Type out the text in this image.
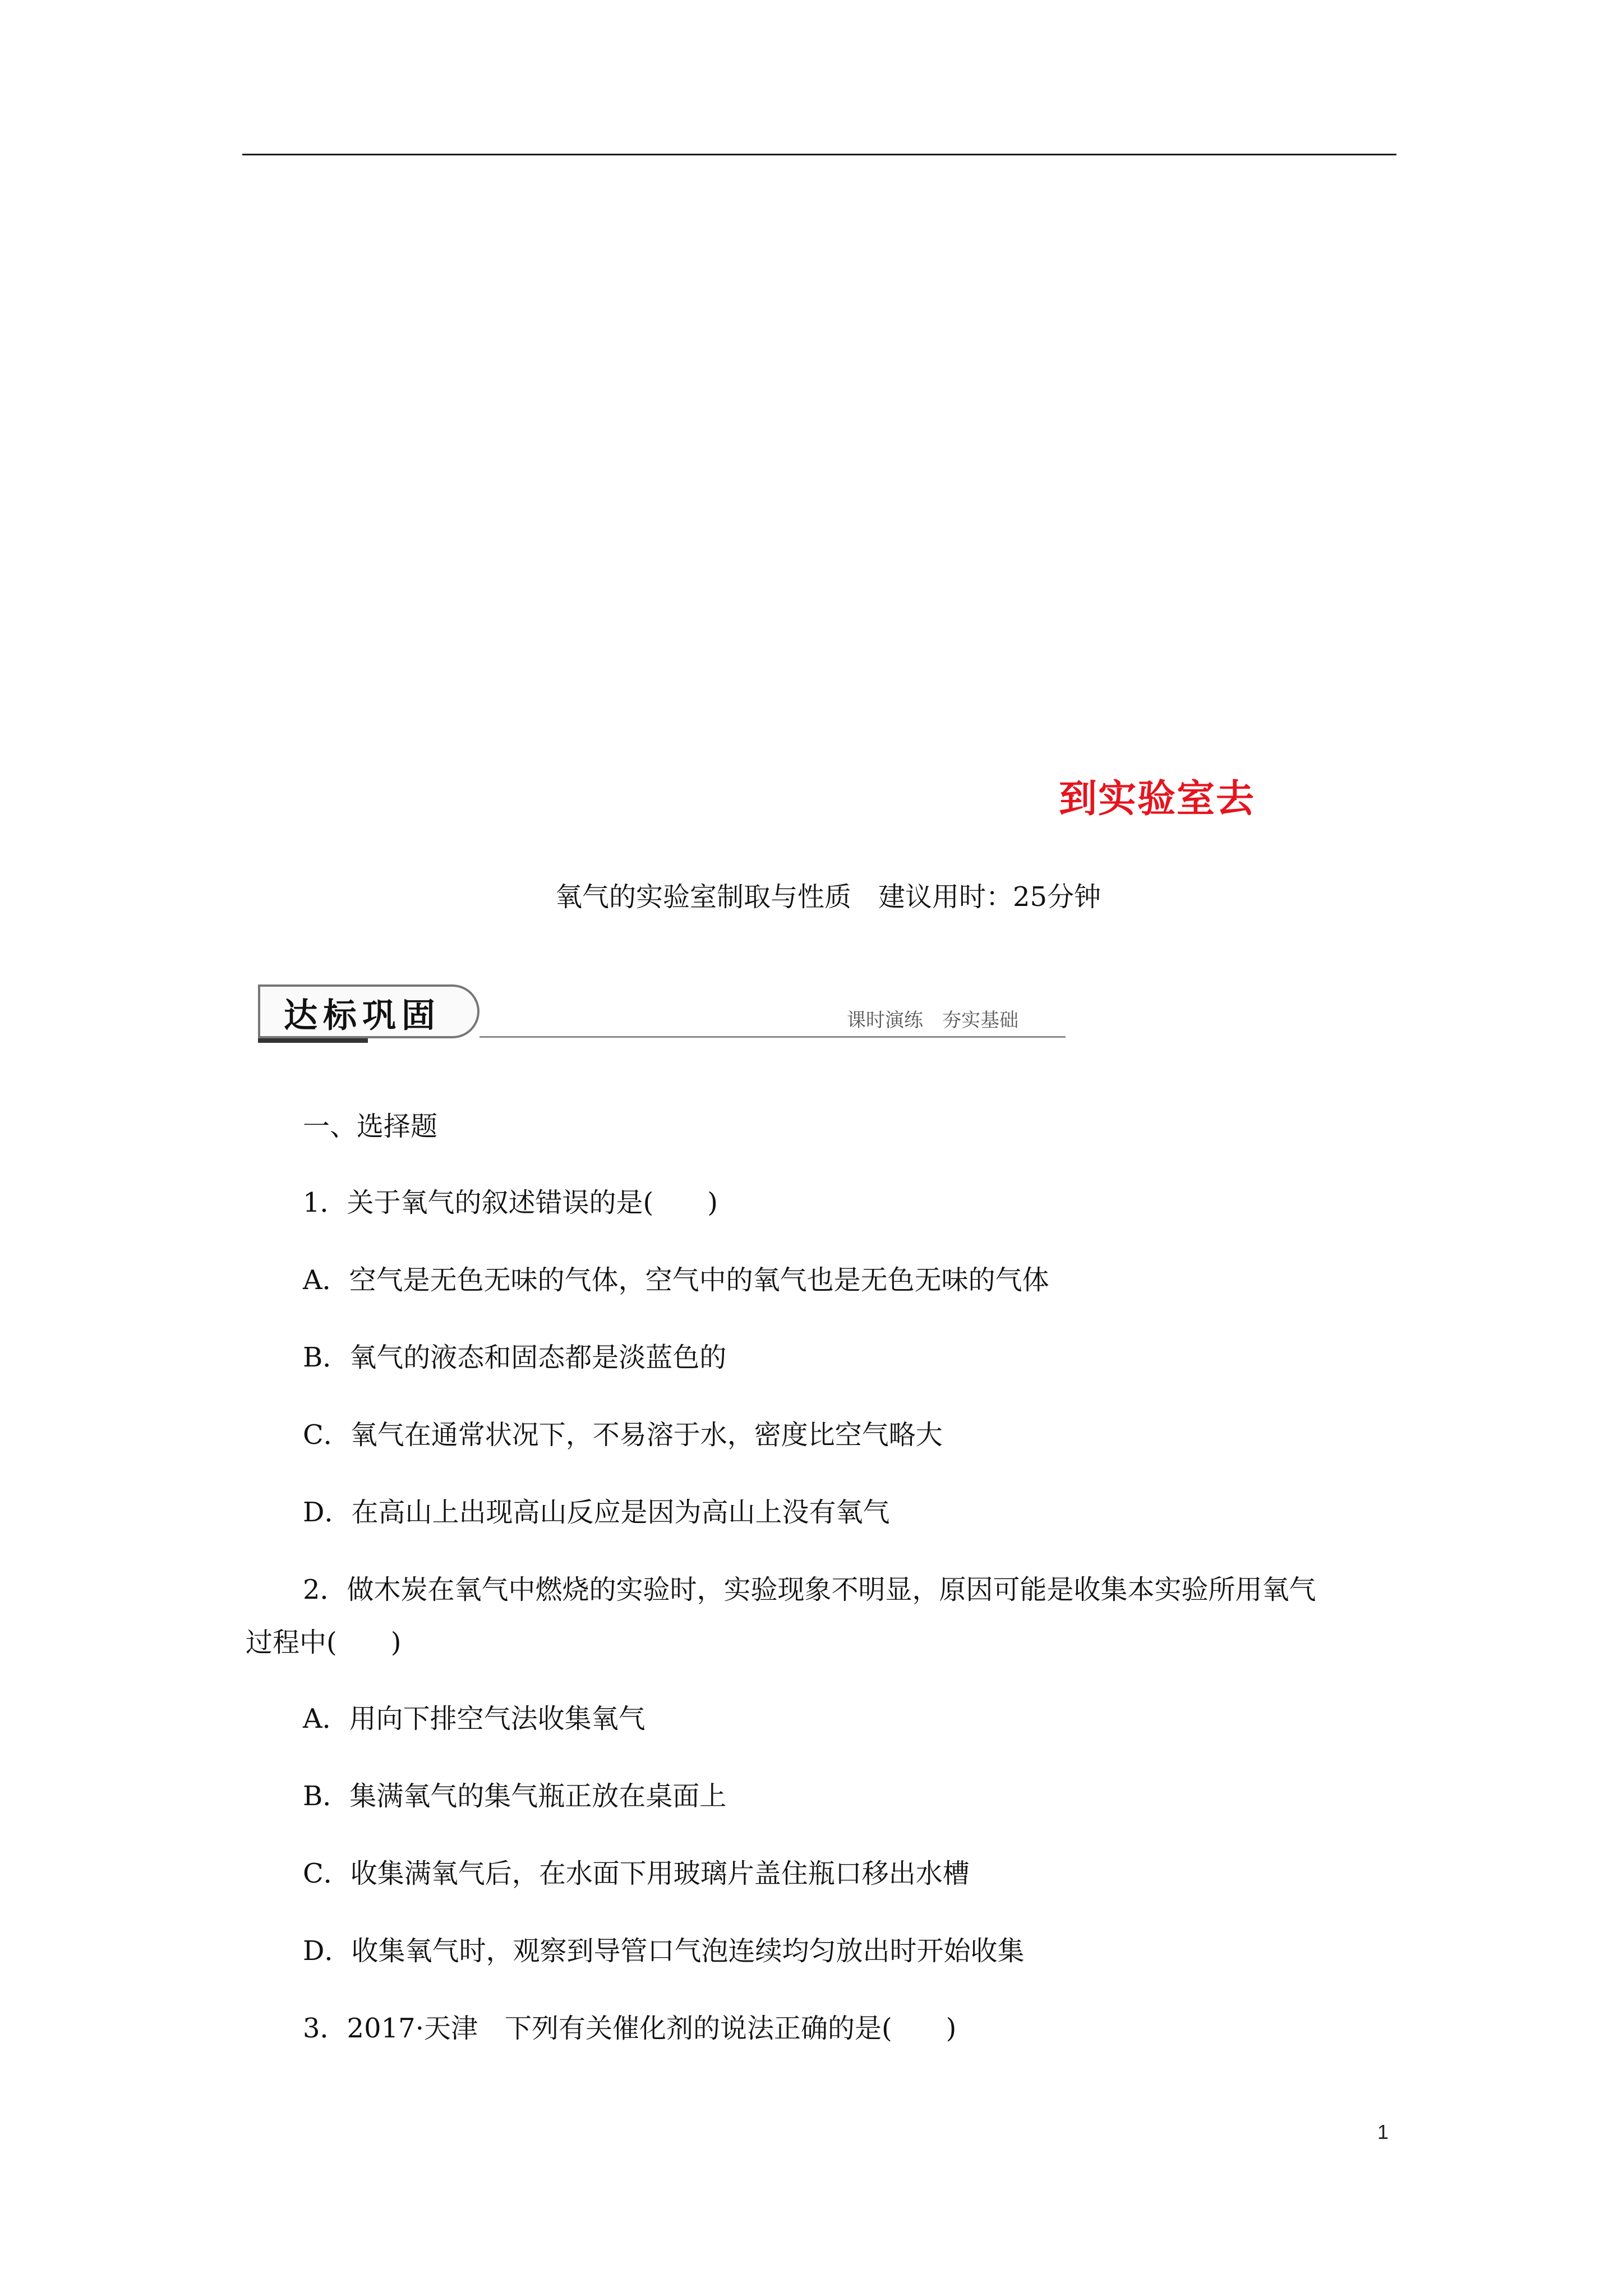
到实验室去
氧气的实验室制取与性质　建议用时：25分钟
达标巩固	课时演练　夯实基础
一、选择题
1．关于氧气的叙述错误的是(　　)
A．空气是无色无味的气体，空气中的氧气也是无色无味的气体
B．氧气的液态和固态都是淡蓝色的
C．氧气在通常状况下，不易溶于水，密度比空气略大
D．在高山上出现高山反应是因为高山上没有氧气
2．做木炭在氧气中燃烧的实验时，实验现象不明显，原因可能是收集本实验所用氧气
过程中(　　)
A．用向下排空气法收集氧气
B．集满氧气的集气瓶正放在桌面上
C．收集满氧气后，在水面下用玻璃片盖住瓶口移出水槽
D．收集氧气时，观察到导管口气泡连续均匀放出时开始收集
3．2017·天津　下列有关催化剂的说法正确的是(　　)
1
